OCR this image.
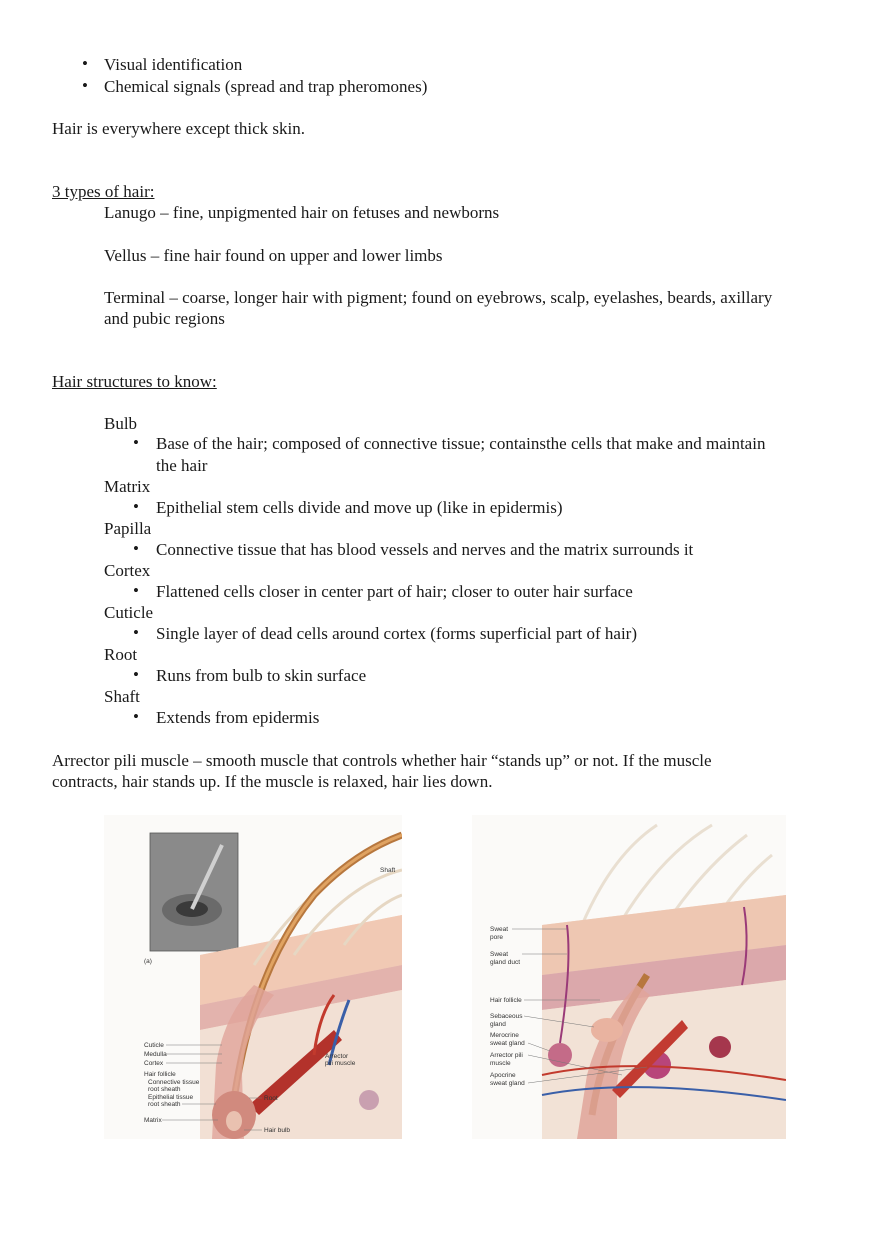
• Visual identification
• Chemical signals (spread and trap pheromones)
Hair is everywhere except thick skin.
3 types of hair:
Lanugo – fine, unpigmented hair on fetuses and newborns
Vellus – fine hair found on upper and lower limbs
Terminal – coarse, longer hair with pigment; found on eyebrows, scalp, eyelashes, beards, axillary
and pubic regions
Hair structures to know:
Bulb
• Base of the hair; composed of connective tissue; containsthe cells that make and maintain
the hair
Matrix
• Epithelial stem cells divide and move up (like in epidermis)
Papilla
• Connective tissue that has blood vessels and nerves and the matrix surrounds it
Cortex
• Flattened cells closer in center part of hair; closer to outer hair surface
Cuticle
• Single layer of dead cells around cortex (forms superficial part of hair)
Root
• Runs from bulb to skin surface
Shaft
• Extends from epidermis
Arrector pili muscle – smooth muscle that controls whether hair “stands up” or not. If the muscle
contracts, hair stands up. If the muscle is relaxed, hair lies down.
Shaft
(a)
Cuticle
Medulla
Cortex
Hair follicle
Connective tissue
root sheath
Epithelial tissue
root sheath
Matrix
Arrector
pili muscle
Root
Hair bulb
Sweat
pore
Sweat
gland duct
Hair follicle
Sebaceous
gland
Merocrine
sweat gland
Arrector pili
muscle
Apocrine
sweat gland
